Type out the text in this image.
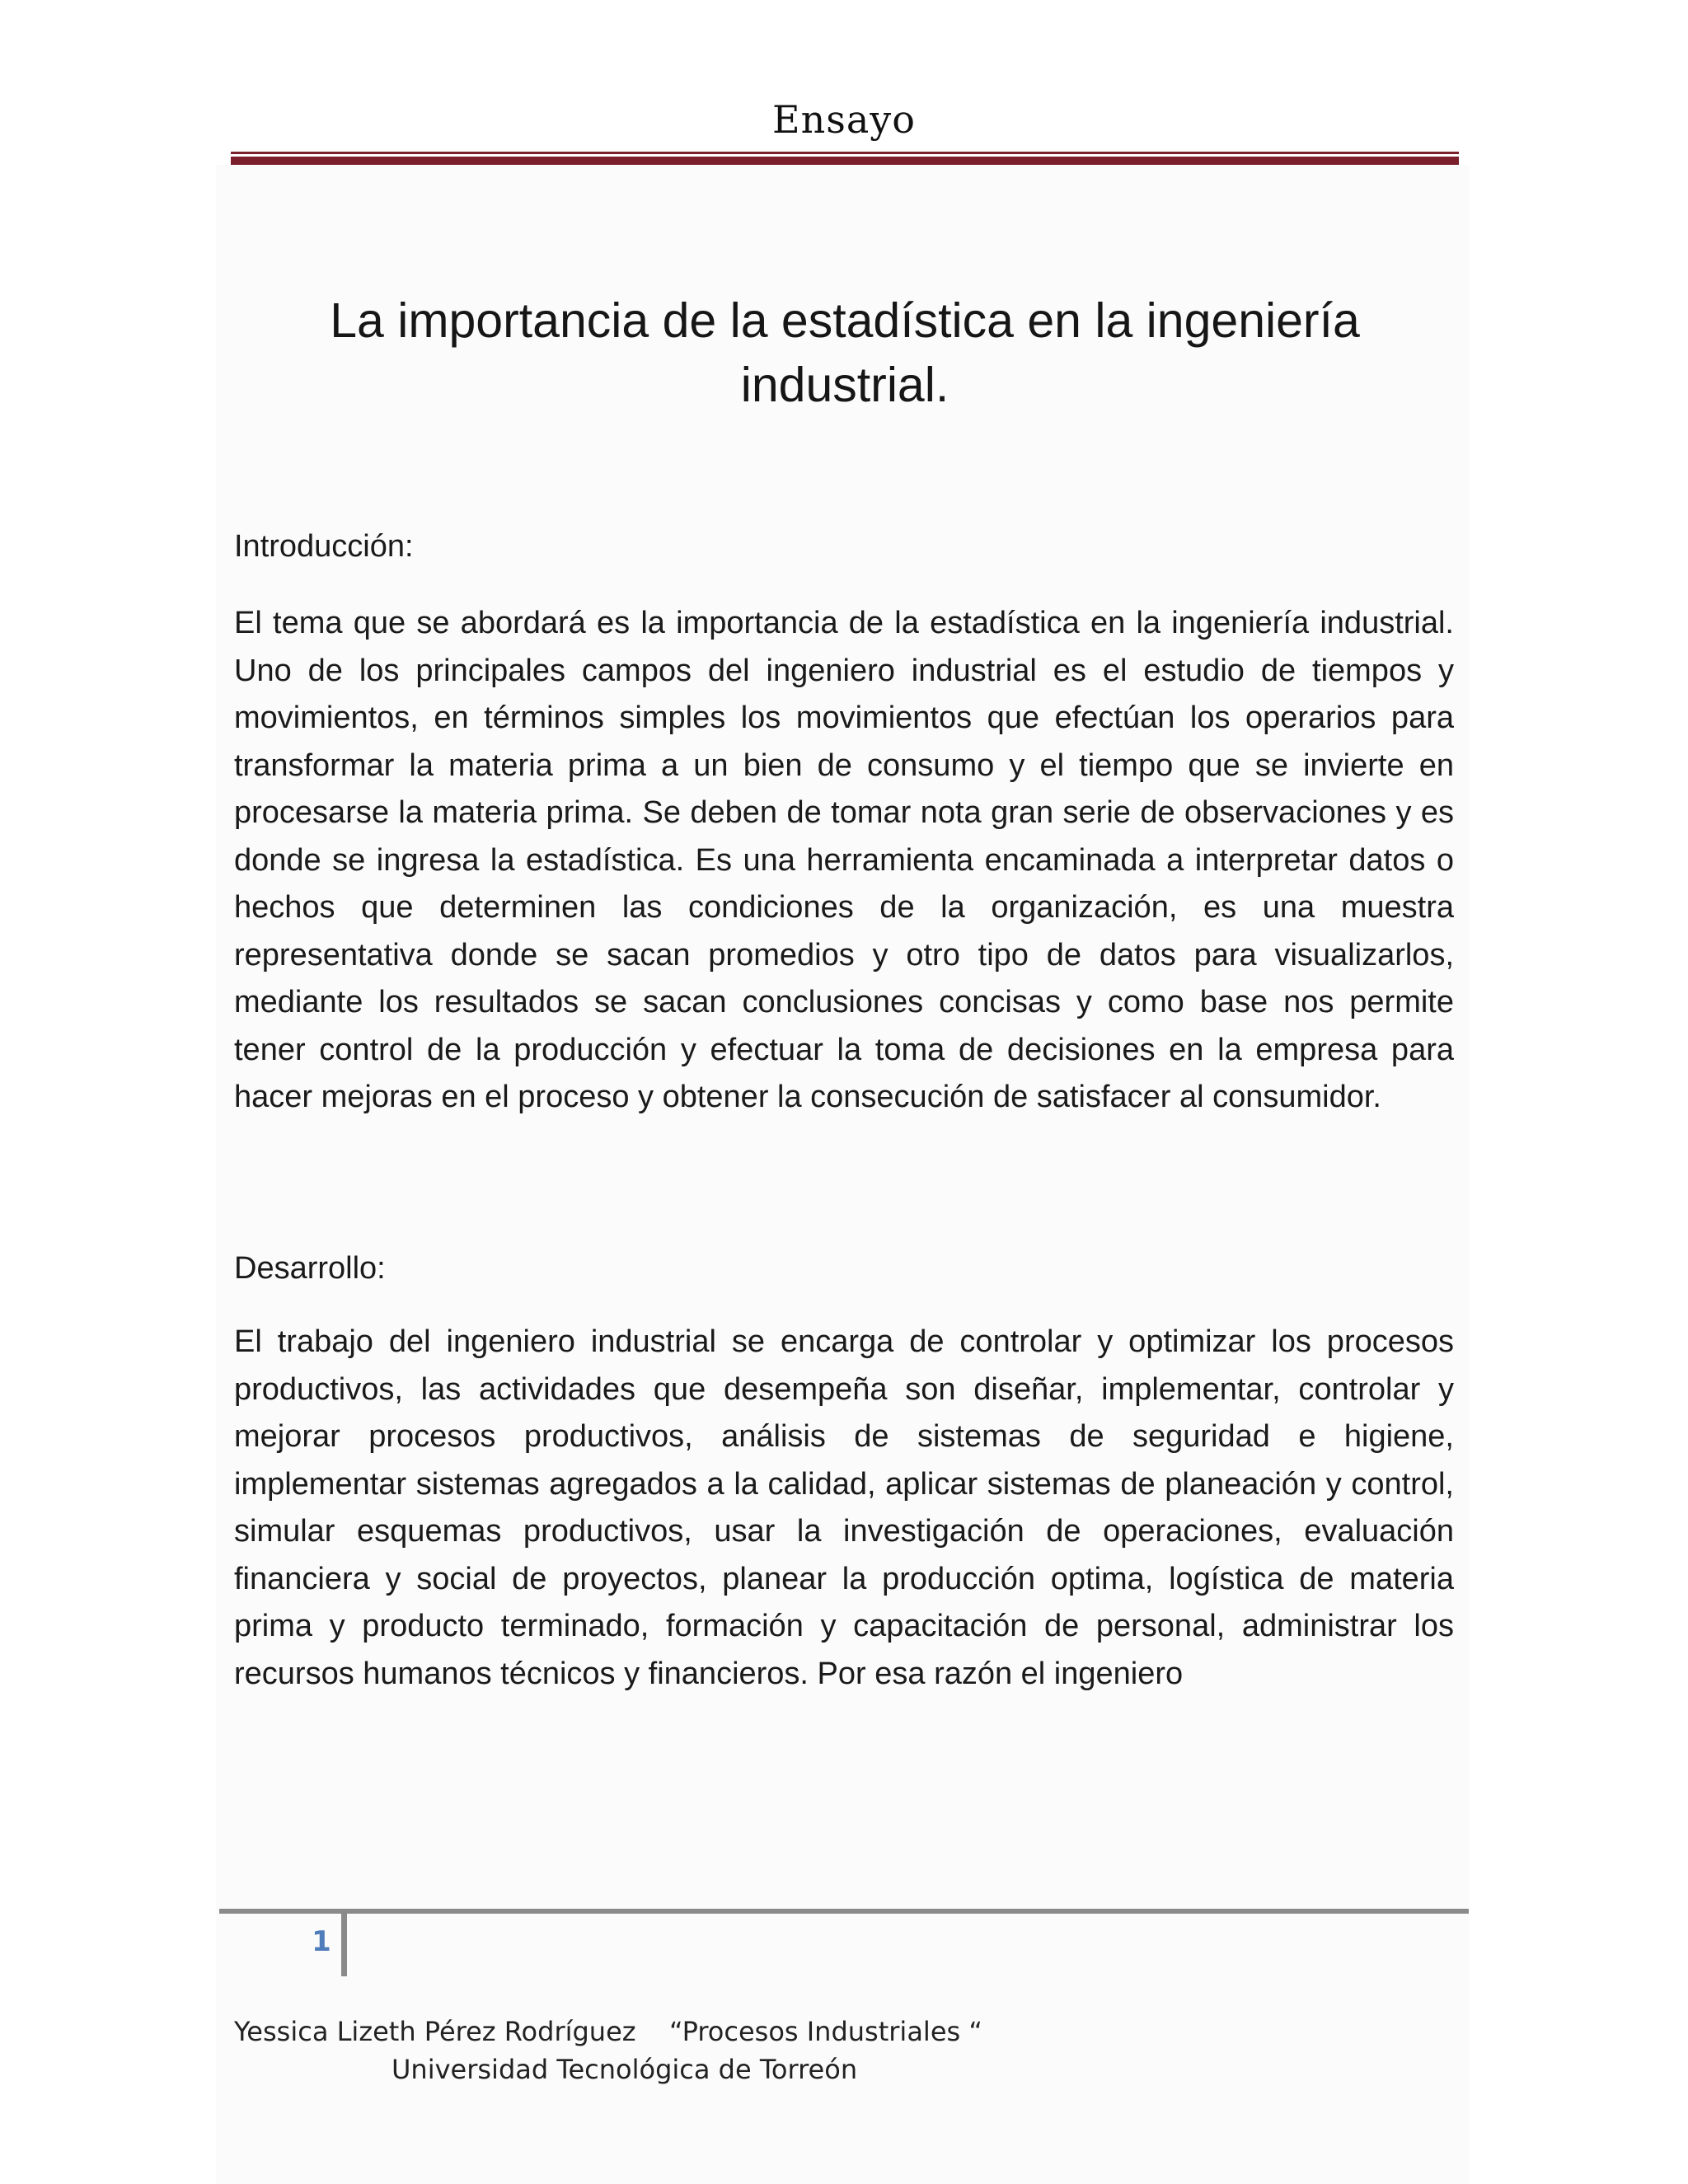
Ensayo
La importancia de la estadística en la ingeniería industrial.
Introducción:
El tema que se abordará es la importancia de la estadística en la ingeniería industrial. Uno de los principales campos del ingeniero industrial es el estudio de tiempos y movimientos, en términos simples los movimientos que efectúan los operarios para transformar la materia prima a un bien de consumo y el tiempo que se invierte en procesarse la materia prima. Se deben de tomar nota gran serie de observaciones y es donde se ingresa la estadística. Es una herramienta encaminada a interpretar datos o hechos que determinen las condiciones de la organización, es una muestra representativa donde se sacan promedios y otro tipo de datos para visualizarlos, mediante los resultados se sacan conclusiones concisas y como base nos permite tener control de la producción y efectuar la toma de decisiones en la empresa para hacer mejoras en el proceso y obtener la consecución de satisfacer al consumidor.
Desarrollo:
El trabajo del ingeniero industrial se encarga de controlar y optimizar los procesos productivos, las actividades que desempeña son diseñar, implementar, controlar y mejorar procesos productivos, análisis de sistemas de seguridad e higiene, implementar sistemas agregados a la calidad, aplicar sistemas de planeación y control, simular esquemas productivos, usar la investigación de operaciones, evaluación financiera y social de proyectos, planear la producción optima, logística de materia prima y producto terminado, formación y capacitación de personal, administrar los recursos humanos técnicos y financieros. Por esa razón el ingeniero
1
Yessica Lizeth Pérez Rodríguez “Procesos Industriales “
Universidad Tecnológica de Torreón
